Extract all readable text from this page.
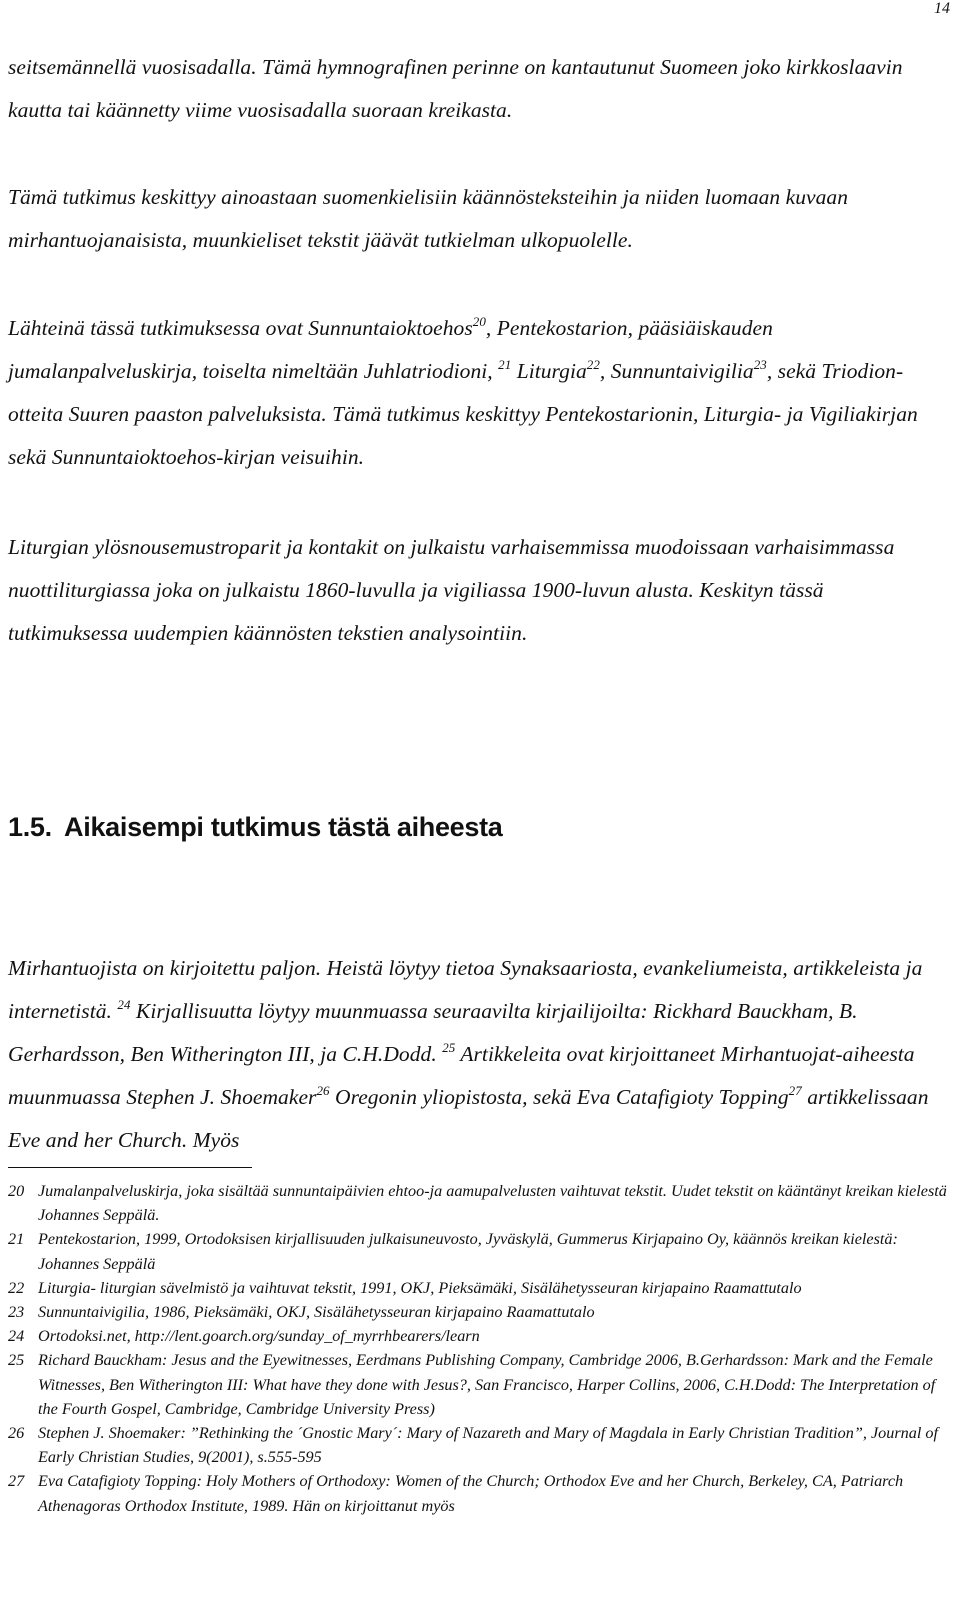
14

seitsemännellä vuosisadalla. Tämä hymnografinen perinne on kantautunut Suomeen joko kirkkoslaavin kautta tai käännetty viime vuosisadalla suoraan kreikasta.

Tämä tutkimus keskittyy ainoastaan suomenkielisiin käännösteksteihin ja niiden luomaan kuvaan mirhantuojanaisista, muunkieliset tekstit jäävät tutkielman ulkopuolelle.

Lähteinä tässä tutkimuksessa ovat Sunnuntaioktoehos$^{20}$, Pentekostarion, pääsiäiskauden jumalanpalveluskirja, toiselta nimeltään Juhlatriodioni, $^{21}$ Liturgia$^{22}$, Sunnuntaivigilia$^{23}$, sekä Triodion-otteita Suuren paaston palveluksista. Tämä tutkimus keskittyy Pentekostarionin, Liturgia- ja Vigiliakirjan sekä Sunnuntaioktoehos-kirjan veisuihin.

Liturgian ylösnousemustroparit ja kontakit on julkaistu varhaisemmissa muodoissaan varhaisimmassa nuottiliturgiassa joka on julkaistu 1860-luvulla ja vigiliassa 1900-luvun alusta. Keskityn tässä tutkimuksessa uudempien käännösten tekstien analysointiin.

1.5. Aikaisempi tutkimus tästä aiheesta

Mirhantuojista on kirjoitettu paljon. Heistä löytyy tietoa Synaksaariosta, evankeliumeista, artikkeleista ja internetistä. $^{24}$ Kirjallisuutta löytyy muunmuassa seuraavilta kirjailijoilta: Rickhard Bauckham, B. Gerhardsson, Ben Witherington III, ja C.H.Dodd. $^{25}$ Artikkeleita ovat kirjoittaneet Mirhantuojat-aiheesta muunmuassa Stephen J. Shoemaker$^{26}$ Oregonin yliopistosta, sekä Eva Catafigioty Topping$^{27}$ artikkelissaan Eve and her Church. Myös

20 Jumalanpalveluskirja, joka sisältää sunnuntaipäivien ehtoo-ja aamupalvelusten vaihtuvat tekstit. Uudet tekstit on kääntänyt kreikan kielestä Johannes Seppälä.
21 Pentekostarion, 1999, Ortodoksisen kirjallisuuden julkaisuneuvosto, Jyväskylä, Gummerus Kirjapaino Oy, käännös kreikan kielestä: Johannes Seppälä
22 Liturgia- liturgian sävelmistö ja vaihtuvat tekstit, 1991, OKJ, Pieksämäki, Sisälähetysseuran kirjapaino Raamattutalo
23 Sunnuntaivigilia, 1986, Pieksämäki, OKJ, Sisälähetysseuran kirjapaino Raamattutalo
24 Ortodoksi.net, http://lent.goarch.org/sunday_of_myrrhbearers/learn
25 Richard Bauckham: Jesus and the Eyewitnesses, Eerdmans Publishing Company, Cambridge 2006, B.Gerhardsson: Mark and the Female Witnesses, Ben Witherington III: What have they done with Jesus?, San Francisco, Harper Collins, 2006, C.H.Dodd: The Interpretation of the Fourth Gospel, Cambridge, Cambridge University Press)
26 Stephen J. Shoemaker: ”Rethinking the ´Gnostic Mary´: Mary of Nazareth and Mary of Magdala in Early Christian Tradition”, Journal of Early Christian Studies, 9(2001), s.555-595
27 Eva Catafigioty Topping: Holy Mothers of Orthodoxy: Women of the Church; Orthodox Eve and her Church, Berkeley, CA, Patriarch Athenagoras Orthodox Institute, 1989. Hän on kirjoittanut myös
